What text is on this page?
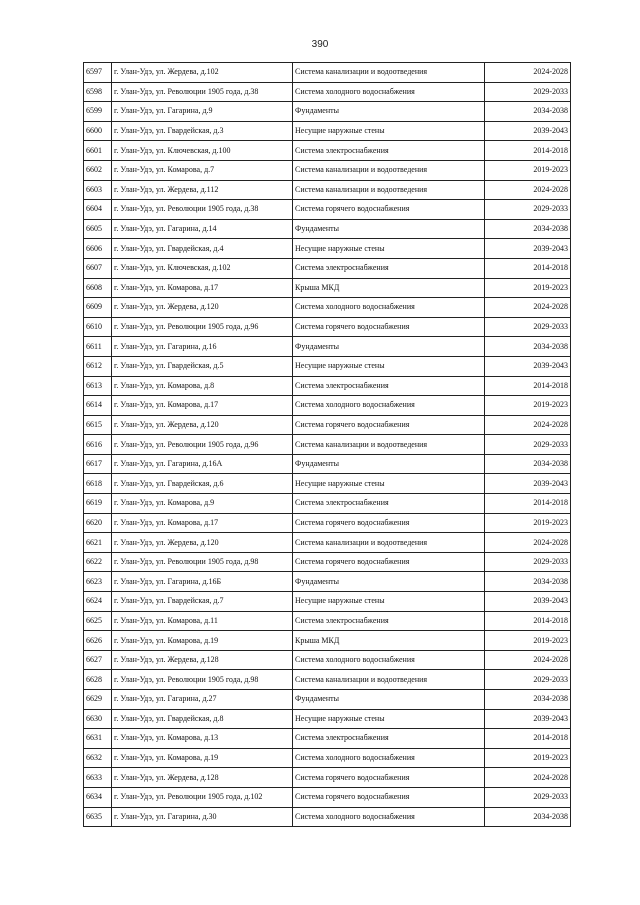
390
6597	г. Улан-Удэ, ул. Жердева, д.102	Система канализации и водоотведения	2024-2028
6598	г. Улан-Удэ, ул. Революции 1905 года, д.38	Система холодного водоснабжения	2029-2033
6599	г. Улан-Удэ, ул. Гагарина, д.9	Фундаменты	2034-2038
6600	г. Улан-Удэ, ул. Гвардейская, д.3	Несущие наружные стены	2039-2043
6601	г. Улан-Удэ, ул. Ключевская, д.100	Система электроснабжения	2014-2018
6602	г. Улан-Удэ, ул. Комарова, д.7	Система канализации и водоотведения	2019-2023
6603	г. Улан-Удэ, ул. Жердева, д.112	Система канализации и водоотведения	2024-2028
6604	г. Улан-Удэ, ул. Революции 1905 года, д.38	Система горячего водоснабжения	2029-2033
6605	г. Улан-Удэ, ул. Гагарина, д.14	Фундаменты	2034-2038
6606	г. Улан-Удэ, ул. Гвардейская, д.4	Несущие наружные стены	2039-2043
6607	г. Улан-Удэ, ул. Ключевская, д.102	Система электроснабжения	2014-2018
6608	г. Улан-Удэ, ул. Комарова, д.17	Крыша МКД	2019-2023
6609	г. Улан-Удэ, ул. Жердева, д.120	Система холодного водоснабжения	2024-2028
6610	г. Улан-Удэ, ул. Революции 1905 года, д.96	Система горячего водоснабжения	2029-2033
6611	г. Улан-Удэ, ул. Гагарина, д.16	Фундаменты	2034-2038
6612	г. Улан-Удэ, ул. Гвардейская, д.5	Несущие наружные стены	2039-2043
6613	г. Улан-Удэ, ул. Комарова, д.8	Система электроснабжения	2014-2018
6614	г. Улан-Удэ, ул. Комарова, д.17	Система холодного водоснабжения	2019-2023
6615	г. Улан-Удэ, ул. Жердева, д.120	Система горячего водоснабжения	2024-2028
6616	г. Улан-Удэ, ул. Революции 1905 года, д.96	Система канализации и водоотведения	2029-2033
6617	г. Улан-Удэ, ул. Гагарина, д.16А	Фундаменты	2034-2038
6618	г. Улан-Удэ, ул. Гвардейская, д.6	Несущие наружные стены	2039-2043
6619	г. Улан-Удэ, ул. Комарова, д.9	Система электроснабжения	2014-2018
6620	г. Улан-Удэ, ул. Комарова, д.17	Система горячего водоснабжения	2019-2023
6621	г. Улан-Удэ, ул. Жердева, д.120	Система канализации и водоотведения	2024-2028
6622	г. Улан-Удэ, ул. Революции 1905 года, д.98	Система горячего водоснабжения	2029-2033
6623	г. Улан-Удэ, ул. Гагарина, д.16Б	Фундаменты	2034-2038
6624	г. Улан-Удэ, ул. Гвардейская, д.7	Несущие наружные стены	2039-2043
6625	г. Улан-Удэ, ул. Комарова, д.11	Система электроснабжения	2014-2018
6626	г. Улан-Удэ, ул. Комарова, д.19	Крыша МКД	2019-2023
6627	г. Улан-Удэ, ул. Жердева, д.128	Система холодного водоснабжения	2024-2028
6628	г. Улан-Удэ, ул. Революции 1905 года, д.98	Система канализации и водоотведения	2029-2033
6629	г. Улан-Удэ, ул. Гагарина, д.27	Фундаменты	2034-2038
6630	г. Улан-Удэ, ул. Гвардейская, д.8	Несущие наружные стены	2039-2043
6631	г. Улан-Удэ, ул. Комарова, д.13	Система электроснабжения	2014-2018
6632	г. Улан-Удэ, ул. Комарова, д.19	Система холодного водоснабжения	2019-2023
6633	г. Улан-Удэ, ул. Жердева, д.128	Система горячего водоснабжения	2024-2028
6634	г. Улан-Удэ, ул. Революции 1905 года, д.102	Система горячего водоснабжения	2029-2033
6635	г. Улан-Удэ, ул. Гагарина, д.30	Система холодного водоснабжения	2034-2038
